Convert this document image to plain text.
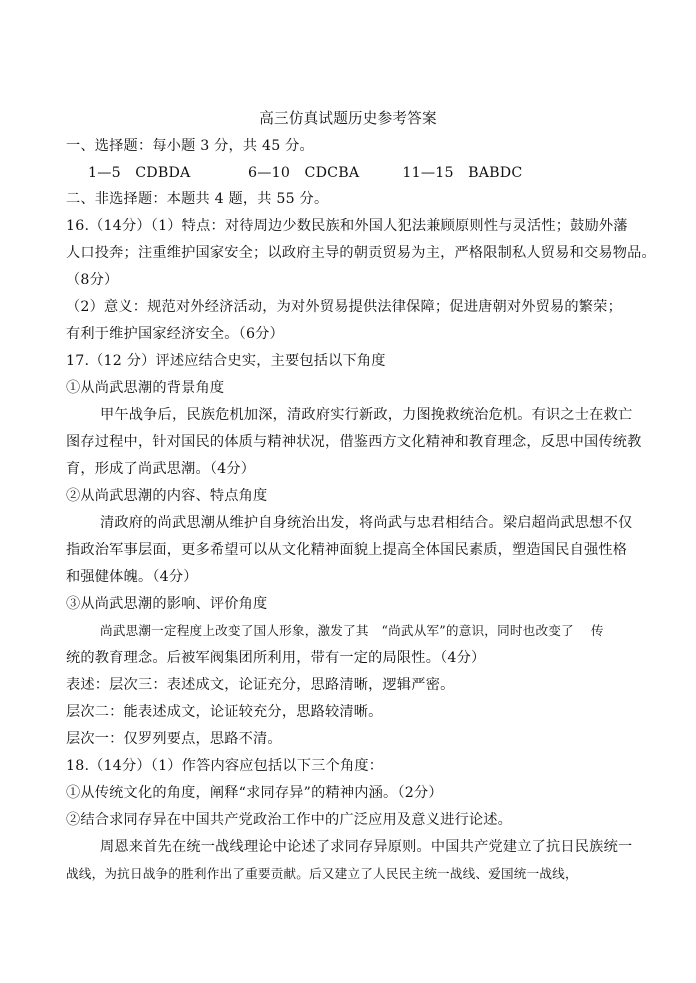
高三仿真试题历史参考答案
一、选择题：每小题 3 分，共 45 分。
1—5　CDBDA　　　　6—10　CDCBA　　　11—15　BABDC
二、非选择题：本题共 4 题，共 55 分。
16.（14分）（1）特点：对待周边少数民族和外国人犯法兼顾原则性与灵活性；鼓励外藩
人口投奔；注重维护国家安全；以政府主导的朝贡贸易为主，严格限制私人贸易和交易物品。
（8分）
（2）意义：规范对外经济活动，为对外贸易提供法律保障；促进唐朝对外贸易的繁荣；
有利于维护国家经济安全。（6分）
17.（12 分）评述应结合史实，主要包括以下角度
①从尚武思潮的背景角度
甲午战争后，民族危机加深，清政府实行新政，力图挽救统治危机。有识之士在救亡
图存过程中，针对国民的体质与精神状况，借鉴西方文化精神和教育理念，反思中国传统教
育，形成了尚武思潮。（4分）
②从尚武思潮的内容、特点角度
清政府的尚武思潮从维护自身统治出发，将尚武与忠君相结合。梁启超尚武思想不仅
指政治军事层面，更多希望可以从文化精神面貌上提高全体国民素质，塑造国民自强性格
和强健体魄。（4分）
③从尚武思潮的影响、评价角度
尚武思潮一定程度上改变了国人形象，激发了其　“尚武从军”的意识，同时也改变了　 传
统的教育理念。后被军阀集团所利用，带有一定的局限性。（4分）
表述：层次三：表述成文，论证充分，思路清晰，逻辑严密。
层次二：能表述成文，论证较充分，思路较清晰。
层次一：仅罗列要点，思路不清。
18.（14分）（1）作答内容应包括以下三个角度：
①从传统文化的角度，阐释“求同存异”的精神内涵。（2分）
②结合求同存异在中国共产党政治工作中的广泛应用及意义进行论述。
周恩来首先在统一战线理论中论述了求同存异原则。中国共产党建立了抗日民族统一
战线，为抗日战争的胜利作出了重要贡献。后又建立了人民民主统一战线、爱国统一战线，
